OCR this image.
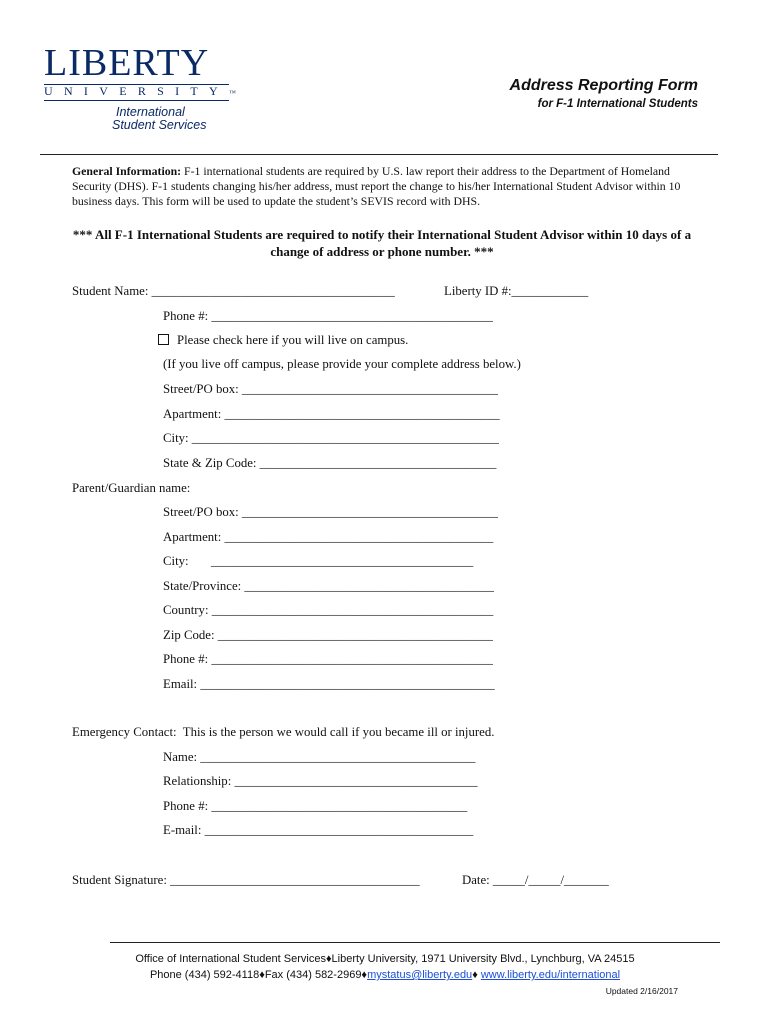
LIBERTY
UNIVERSITY™
International
Student Services
Address Reporting Form
for F-1 International Students
General Information: F-1 international students are required by U.S. law report their address to the Department of Homeland Security (DHS). F-1 students changing his/her address, must report the change to his/her International Student Advisor within 10 business days. This form will be used to update the student’s SEVIS record with DHS.
*** All F-1 International Students are required to notify their International Student Advisor within 10 days of a change of address or phone number. ***
Student Name: ______________________________________	Liberty ID #:____________
Phone #: ____________________________________________
Please check here if you will live on campus.
(If you live off campus, please provide your complete address below.)
Street/PO box: ________________________________________
Apartment: ___________________________________________
City: ________________________________________________
State & Zip Code: _____________________________________
Parent/Guardian name:
Street/PO box: ________________________________________
Apartment: __________________________________________
City:       _________________________________________
State/Province: _______________________________________
Country: ____________________________________________
Zip Code: ___________________________________________
Phone #: ____________________________________________
Email: ______________________________________________
Emergency Contact:  This is the person we would call if you became ill or injured.
Name: ___________________________________________
Relationship: ______________________________________
Phone #: ________________________________________
E-mail: __________________________________________
Student Signature: _______________________________________	Date: _____/_____/_______
Office of International Student Services♦Liberty University, 1971 University Blvd., Lynchburg, VA 24515
Phone (434) 592-4118♦Fax (434) 582-2969♦mystatus@liberty.edu♦ www.liberty.edu/international
Updated 2/16/2017
